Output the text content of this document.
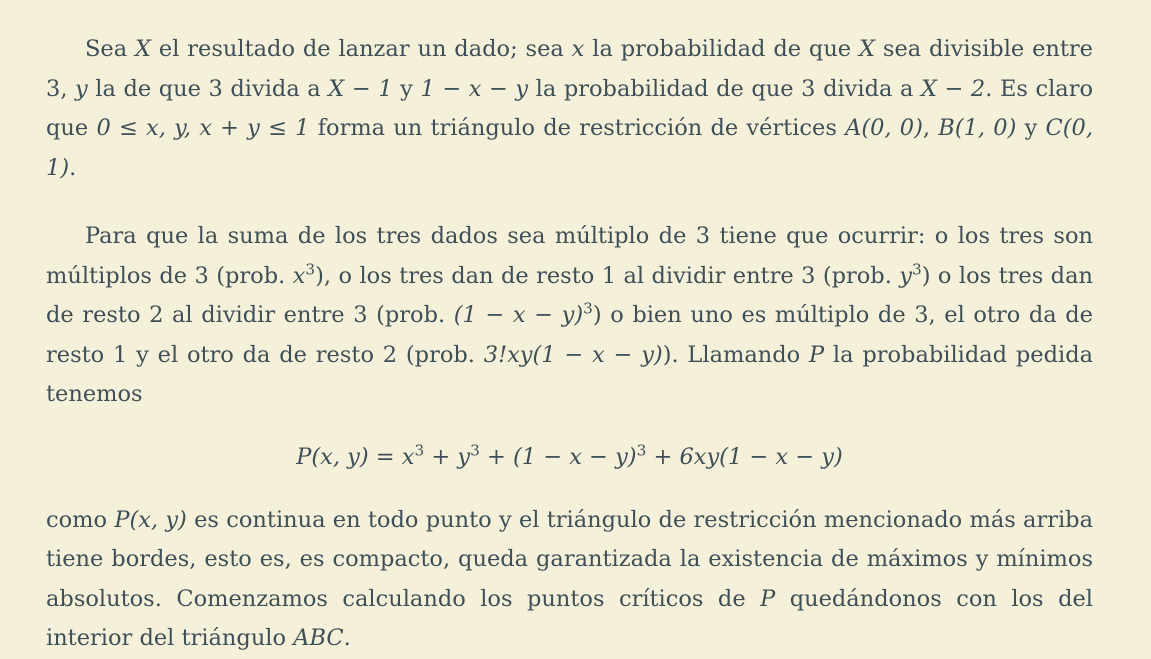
Sea X el resultado de lanzar un dado; sea x la probabilidad de que X sea divisible entre 3, y la de que 3 divida a X − 1 y 1 − x − y la probabilidad de que 3 divida a X − 2. Es claro que 0 ≤ x, y, x + y ≤ 1 forma un triángulo de restricción de vértices A(0, 0), B(1, 0) y C(0, 1).

Para que la suma de los tres dados sea múltiplo de 3 tiene que ocurrir: o los tres son múltiplos de 3 (prob. $x^3$), o los tres dan de resto 1 al dividir entre 3 (prob. $y^3$) o los tres dan de resto 2 al dividir entre 3 (prob. $(1 - x - y)^3$) o bien uno es múltiplo de 3, el otro da de resto 1 y el otro da de resto 2 (prob. 3!xy(1 − x − y)). Llamando P la probabilidad pedida tenemos

P(x, $y) = x^3 + y^3 + (1 - x - y)^3 + 6xy(1 - x - y)$

como P(x, y) es continua en todo punto y el triángulo de restricción mencionado más arriba tiene bordes, esto es, es compacto, queda garantizada la existencia de máximos y mínimos absolutos. Comenzamos calculando los puntos críticos de P quedándonos con los del interior del triángulo ABC.
